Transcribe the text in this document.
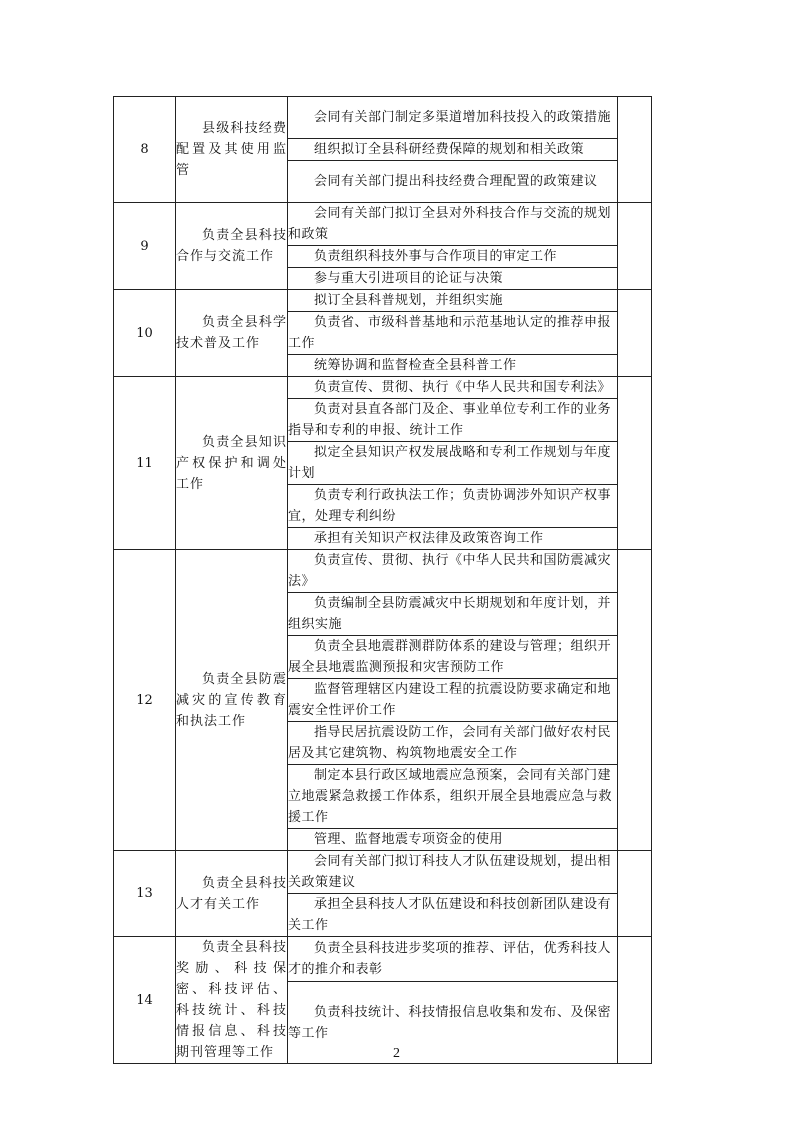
8	县级科技经费配置及其使用监管	会同有关部门制定多渠道增加科技投入的政策措施	

		组织拟订全县科研经费保障的规划和相关政策	

		会同有关部门提出科技经费合理配置的政策建议	

9	负责全县科技合作与交流工作	会同有关部门拟订全县对外科技合作与交流的规划和政策	

		负责组织科技外事与合作项目的审定工作	

		参与重大引进项目的论证与决策	

10	负责全县科学技术普及工作	拟订全县科普规划，并组织实施	

		负责省、市级科普基地和示范基地认定的推荐申报工作	

		统筹协调和监督检查全县科普工作	

11	负责全县知识产权保护和调处工作	负责宣传、贯彻、执行《中华人民共和国专利法》	

		负责对县直各部门及企、事业单位专利工作的业务指导和专利的申报、统计工作	

		拟定全县知识产权发展战略和专利工作规划与年度计划	

		负责专利行政执法工作；负责协调涉外知识产权事宜，处理专利纠纷	

		承担有关知识产权法律及政策咨询工作	

12	负责全县防震减灾的宣传教育和执法工作	负责宣传、贯彻、执行《中华人民共和国防震减灾法》	

		负责编制全县防震减灾中长期规划和年度计划，并组织实施	

		负责全县地震群测群防体系的建设与管理；组织开展全县地震监测预报和灾害预防工作	

		监督管理辖区内建设工程的抗震设防要求确定和地震安全性评价工作	

		指导民居抗震设防工作，会同有关部门做好农村民居及其它建筑物、构筑物地震安全工作	

		制定本县行政区域地震应急预案，会同有关部门建立地震紧急救援工作体系，组织开展全县地震应急与救援工作	

		管理、监督地震专项资金的使用	

13	负责全县科技人才有关工作	会同有关部门拟订科技人才队伍建设规划，提出相关政策建议	

		承担全县科技人才队伍建设和科技创新团队建设有关工作	

14	负责全县科技奖励、科技保密、科技评估、科技统计、科技情报信息、科技期刊管理等工作	负责全县科技进步奖项的推荐、评估，优秀科技人才的推介和表彰	

		负责科技统计、科技情报信息收集和发布、及保密等工作	
2
